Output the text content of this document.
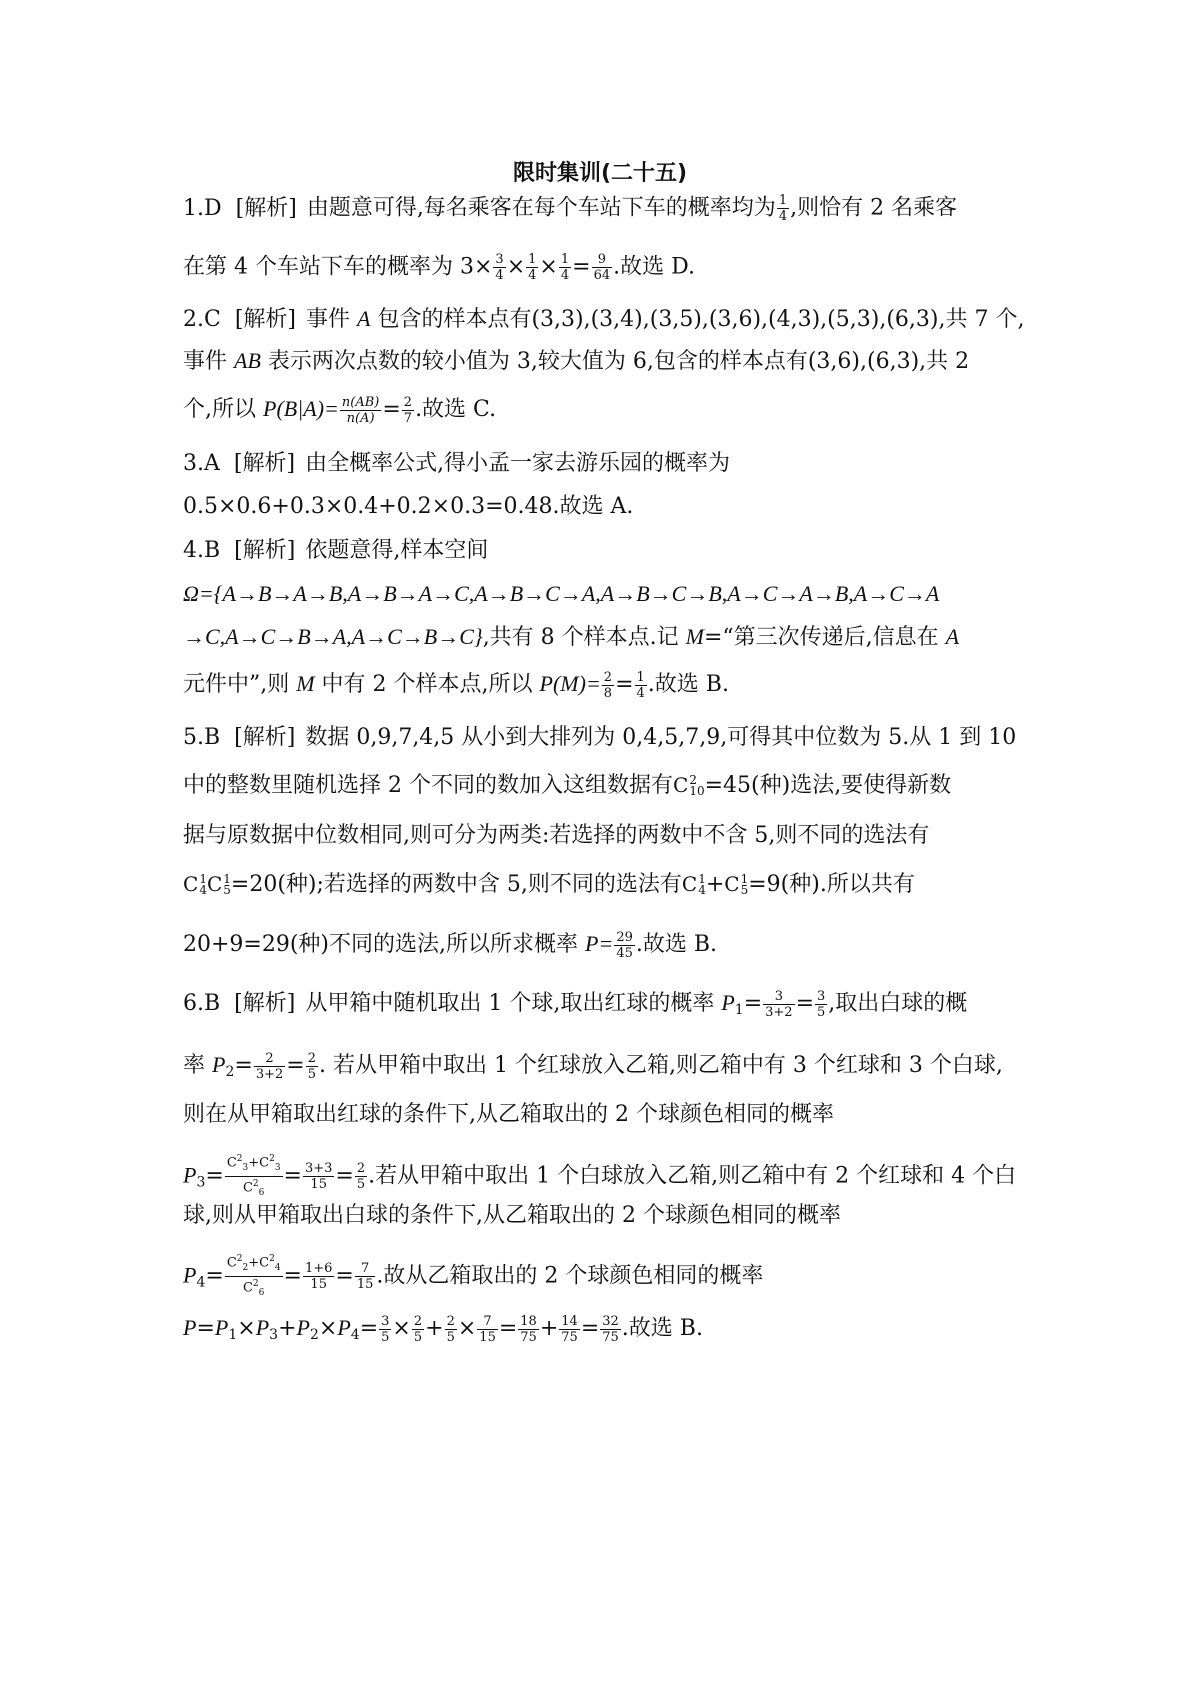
限时集训(二十五)
1.D [解析] 由题意可得,每名乘客在每个车站下车的概率均为 $\frac{1}{4}$ ,则恰有 2 名乘客
在第 4 个车站下车的概率为 $3\times \frac{3}{4} \times \frac{1}{4} \times \frac{1}{4} = \frac{9}{64}$ .故选 D.
2.C [解析] 事件 A 包含的样本点有(3,3),(3,4),(3,5),(3,6),(4,3),(5,3),(6,3),共 7 个,
事件 AB 表示两次点数的较小值为 3,较大值为 6,包含的样本点有(3,6),(6,3),共 2
个,所以 $P(B|A)= \frac{n(AB)}{n(A)} = \frac{2}{7}$ .故选 C.
3.A [解析] 由全概率公式,得小孟一家去游乐园的概率为
0.5×0.6+0.3×0.4+0.2×0.3=0.48.故选 A.
4.B [解析] 依题意得,样本空间
Ω={A→B→A→B,A→B→A→C,A→B→C→A,A→B→C→B,A→C→A→B,A→C→A
→C,A→C→B→A,A→C→B→C},共有 8 个样本点.记 M=“第三次传递后,信息在 A
元件中”,则 M 中有 2 个样本点,所以 $P(M)= \frac{2}{8} = \frac{1}{4}$ .故选 B.
5.B [解析] 数据 0,9,7,4,5 从小到大排列为 0,4,5,7,9,可得其中位数为 5.从 1 到 10
中的整数里随机选择 2 个不同的数加入这组数据有C 2
10 =45(种)选法,要使得新数
据与原数据中位数相同,则可分为两类:若选择的两数中不含 5,则不同的选法有
C 1
4 C 1
5 =20(种);若选择的两数中含 5,则不同的选法有C 1
4 +C 1
5 =9(种).所以共有
20+9=29(种)不同的选法,所以所求概率 $P= \frac{29}{45}$ .故选 B.
6.B [解析] 从甲箱中随机取出 1 个球,取出红球的概率 $P_1= \frac{3}{3+2} = \frac{3}{5}$ ,取出白球的概
率 $P_2= \frac{2}{3+2} = \frac{2}{5}$ . 若从甲箱中取出 1 个红球放入乙箱,则乙箱中有 3 个红球和 3 个白球,
则在从甲箱取出红球的条件下,从乙箱取出的 2 个球颜色相同的概率
$P_3= \frac{C^2_3+C^2_3}{C^2_6} = \frac{3+3}{15} = \frac{2}{5}$ .若从甲箱中取出 1 个白球放入乙箱,则乙箱中有 2 个红球和 4 个白
球,则从甲箱取出白球的条件下,从乙箱取出的 2 个球颜色相同的概率
$P_4= \frac{C^2_2+C^2_4}{C^2_6} = \frac{1+6}{15} = \frac{7}{15}$ .故从乙箱取出的 2 个球颜色相同的概率
$P=P_1\times P_3+P_2\times P_4= \frac{3}{5} \times \frac{2}{5} + \frac{2}{5} \times \frac{7}{15} = \frac{18}{75} + \frac{14}{75} = \frac{32}{75}$ .故选 B.
